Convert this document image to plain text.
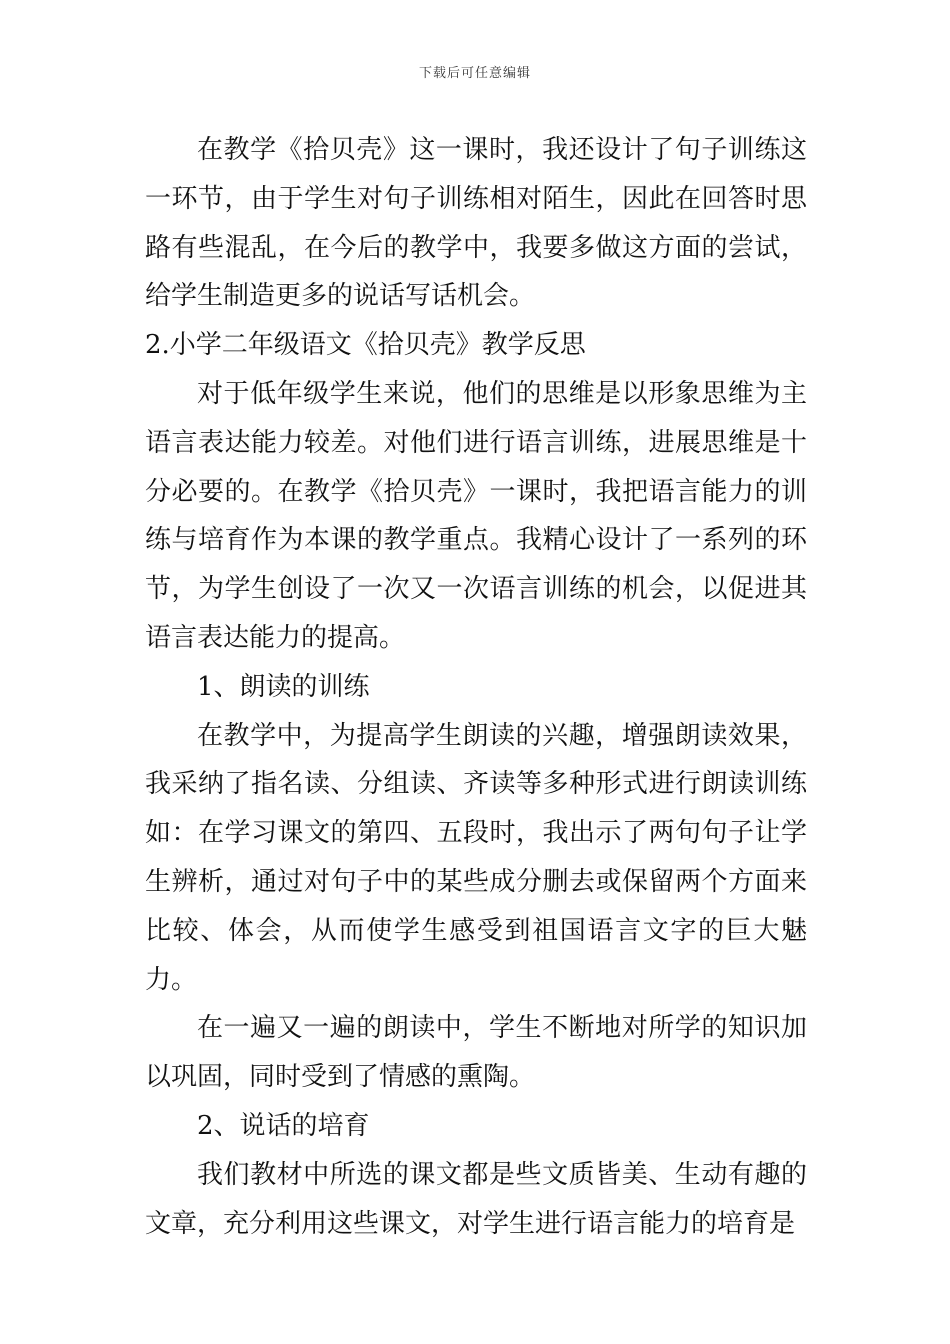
下载后可任意编辑

在教学《拾贝壳》这一课时，我还设计了句子训练这一环节，由于学生对句子训练相对陌生，因此在回答时思路有些混乱，在今后的教学中，我要多做这方面的尝试，给学生制造更多的说话写话机会。

2.小学二年级语文《拾贝壳》教学反思

对于低年级学生来说，他们的思维是以形象思维为主语言表达能力较差。对他们进行语言训练，进展思维是十分必要的。在教学《拾贝壳》一课时，我把语言能力的训练与培育作为本课的教学重点。我精心设计了一系列的环节，为学生创设了一次又一次语言训练的机会，以促进其语言表达能力的提高。

1、朗读的训练

在教学中，为提高学生朗读的兴趣，增强朗读效果，我采纳了指名读、分组读、齐读等多种形式进行朗读训练如：在学习课文的第四、五段时，我出示了两句句子让学生辨析，通过对句子中的某些成分删去或保留两个方面来比较、体会，从而使学生感受到祖国语言文字的巨大魅力。

在一遍又一遍的朗读中，学生不断地对所学的知识加以巩固，同时受到了情感的熏陶。

2、说话的培育

我们教材中所选的课文都是些文质皆美、生动有趣的文章，充分利用这些课文，对学生进行语言能力的培育是
